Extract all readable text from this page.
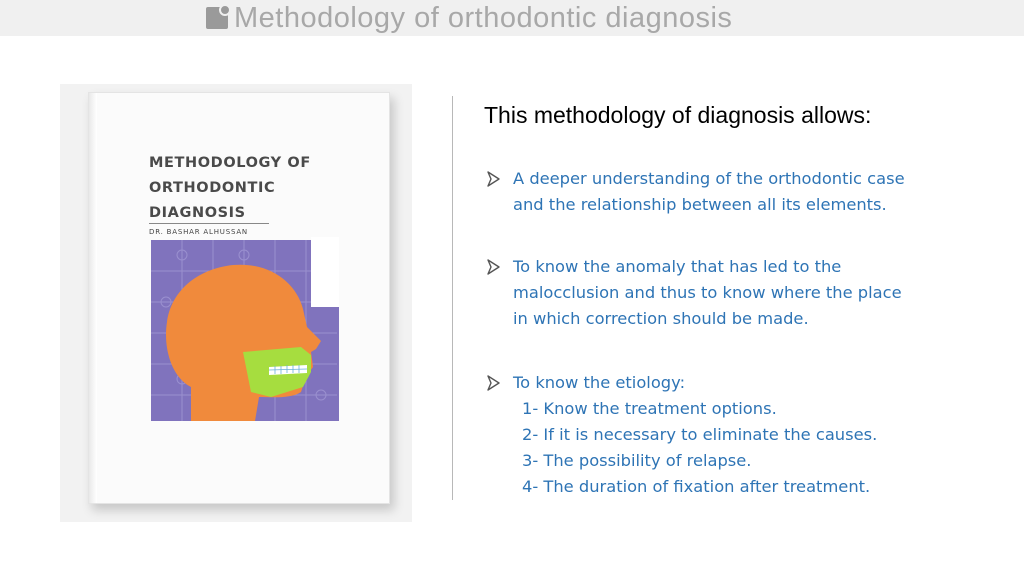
Methodology of orthodontic diagnosis
METHODOLOGY OF
ORTHODONTIC
DIAGNOSIS
DR. BASHAR ALHUSSAN
This methodology of diagnosis allows:
A deeper understanding of the orthodontic case
and the relationship between all its elements.
To know the anomaly that has led to the
malocclusion and thus to know where the place
in which correction should be made.
To know the etiology:
1- Know the treatment options.
2- If it is necessary to eliminate the causes.
3- The possibility of relapse.
4- The duration of fixation after treatment.
